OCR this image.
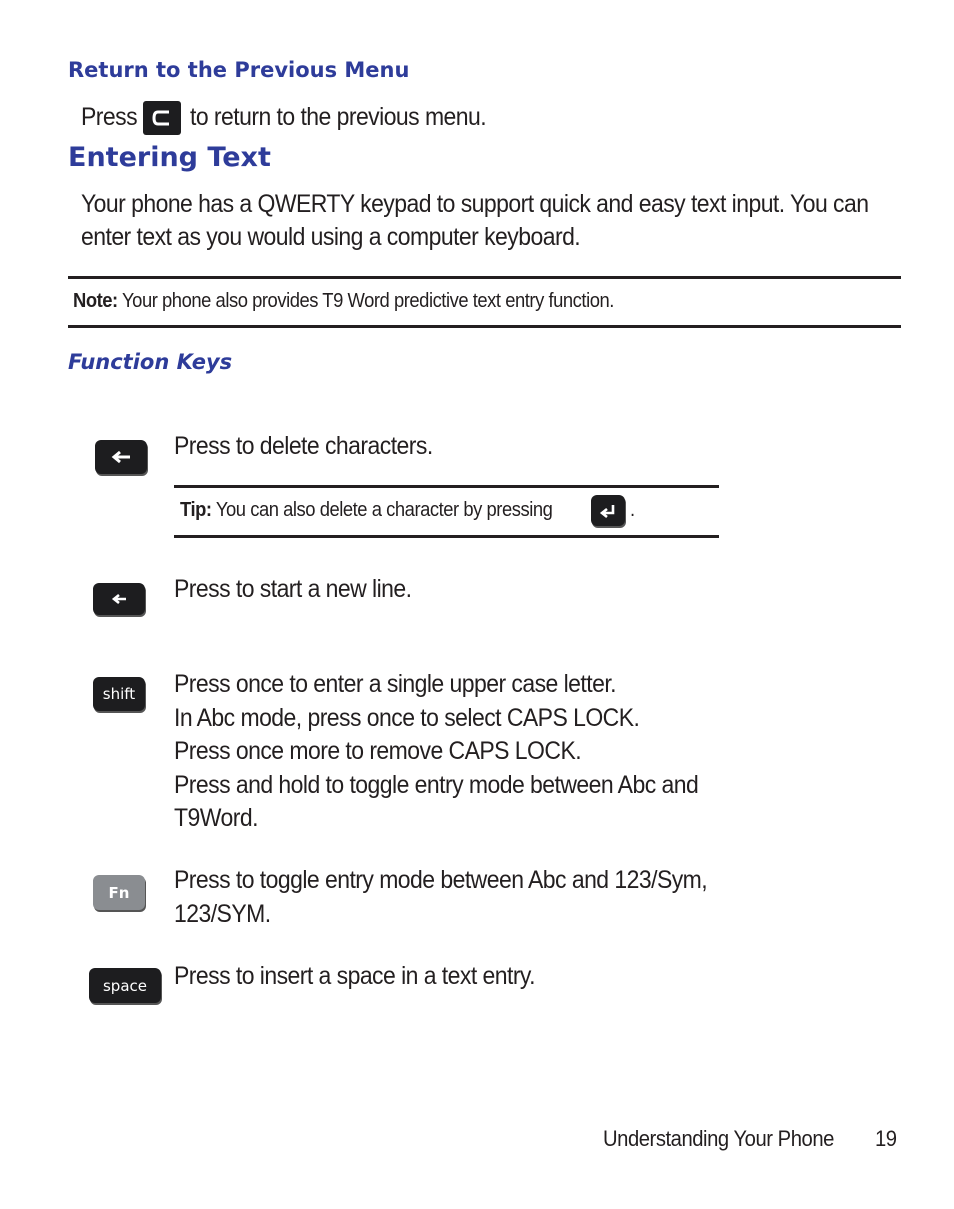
Return to the Previous Menu
Press to return to the previous menu.
Entering Text
Your phone has a QWERTY keypad to support quick and easy text input. You can
enter text as you would using a computer keyboard.
Note: Your phone also provides T9 Word predictive text entry function.
Function Keys
Press to delete characters.
Tip: You can also delete a character by pressing	.
Press to start a new line.
shift Press once to enter a single upper case letter.
In Abc mode, press once to select CAPS LOCK.
Press once more to remove CAPS LOCK.
Press and hold to toggle entry mode between Abc and
T9Word.
Fn Press to toggle entry mode between Abc and 123/Sym,
123/SYM.
space Press to insert a space in a text entry.
Understanding Your Phone 19
